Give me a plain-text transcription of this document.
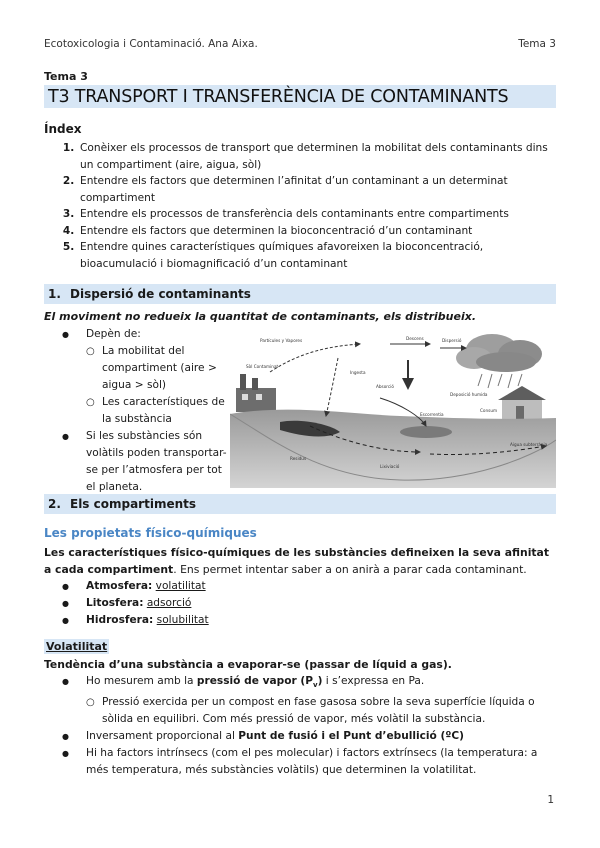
Ecotoxicologia i Contaminació. Ana Aixa.	Tema 3
Tema 3
T3 TRANSPORT I TRANSFERÈNCIA DE CONTAMINANTS
Índex
1. Conèixer els processos de transport que determinen la mobilitat dels contaminants dins un compartiment (aire, aigua, sòl)
2. Entendre els factors que determinen l’afinitat d’un contaminant a un determinat compartiment
3. Entendre els processos de transferència dels contaminants entre compartiments
4. Entendre els factors que determinen la bioconcentració d’un contaminant
5. Entendre quines característiques químiques afavoreixen la bioconcentració, bioacumulació i biomagnificació d’un contaminant
1. Dispersió de contaminants
El moviment no redueix la quantitat de contaminants, els distribueix.
● Depèn de:
○ La mobilitat del compartiment (aire > aigua > sòl)
○ Les característiques de la substància
● Si les substàncies són volàtils poden transportar-se per l’atmosfera per tot el planeta.
Partícules y Vapores	Descens	Dispersió
Deposició humida
Sòl Contaminat
Ingesta
Absorció
Escorrentia
Consum
Aigua subterrània
Lixiviació
Residus
2. Els compartiments
Les propietats físico-químiques
Les característiques físico-químiques de les substàncies defineixen la seva afinitat a cada compartiment. Ens permet intentar saber a on anirà a parar cada contaminant.
● Atmosfera: volatilitat
● Litosfera: adsorció
● Hidrosfera: solubilitat
Volatilitat
Tendència d’una substància a evaporar-se (passar de líquid a gas).
● Ho mesurem amb la pressió de vapor $(P_v)$ i s’expressa en Pa.
○ Pressió exercida per un compost en fase gasosa sobre la seva superfície líquida o sòlida en equilibri. Com més pressió de vapor, més volàtil la substància.
● Inversament proporcional al Punt de fusió i el Punt d’ebullició (ºC)
● Hi ha factors intrínsecs (com el pes molecular) i factors extrínsecs (la temperatura: a més temperatura, més substàncies volàtils) que determinen la volatilitat.
1
